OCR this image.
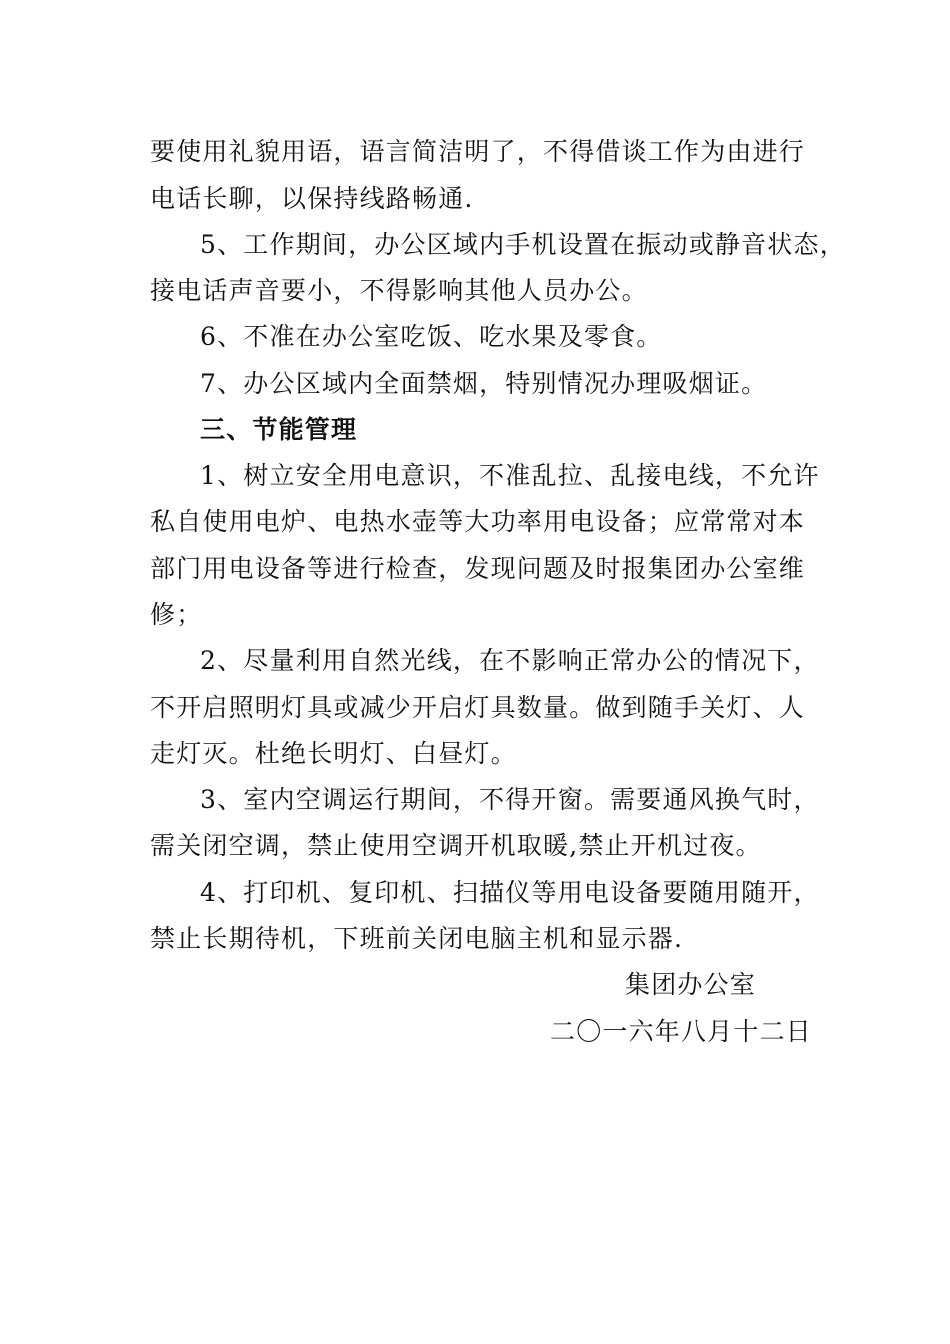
要使用礼貌用语，语言简洁明了，不得借谈工作为由进行
电话长聊，以保持线路畅通.
5、工作期间，办公区域内手机设置在振动或静音状态，
接电话声音要小，不得影响其他人员办公。
6、不准在办公室吃饭、吃水果及零食。
7、办公区域内全面禁烟，特别情况办理吸烟证。
三、节能管理
1、树立安全用电意识，不准乱拉、乱接电线，不允许
私自使用电炉、电热水壶等大功率用电设备；应常常对本
部门用电设备等进行检查，发现问题及时报集团办公室维
修；
2、尽量利用自然光线，在不影响正常办公的情况下，
不开启照明灯具或减少开启灯具数量。做到随手关灯、人
走灯灭。杜绝长明灯、白昼灯。
3、室内空调运行期间，不得开窗。需要通风换气时，
需关闭空调，禁止使用空调开机取暖,禁止开机过夜。
4、打印机、复印机、扫描仪等用电设备要随用随开，
禁止长期待机，下班前关闭电脑主机和显示器.
集团办公室
二〇一六年八月十二日
